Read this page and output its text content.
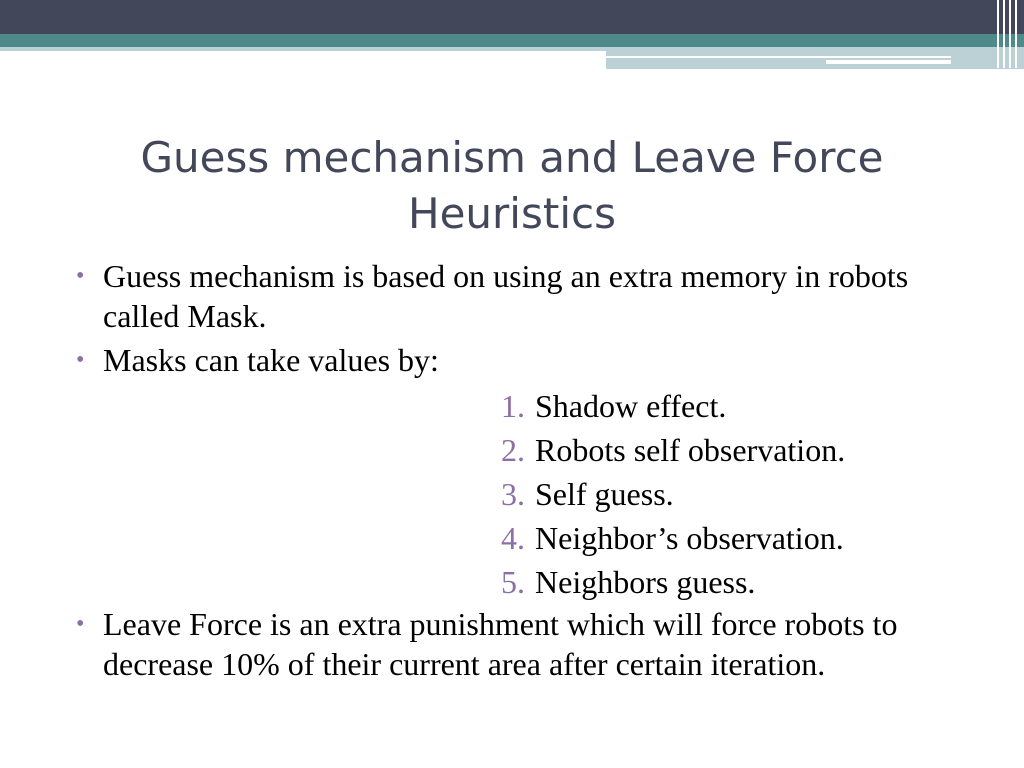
Guess mechanism and Leave Force Heuristics
• Guess mechanism is based on using an extra memory in robots called Mask.
• Masks can take values by:
1. Shadow effect.
2. Robots self observation.
3. Self guess.
4. Neighbor’s observation.
5. Neighbors guess.
• Leave Force is an extra punishment which will force robots to decrease 10% of their current area after certain iteration.
